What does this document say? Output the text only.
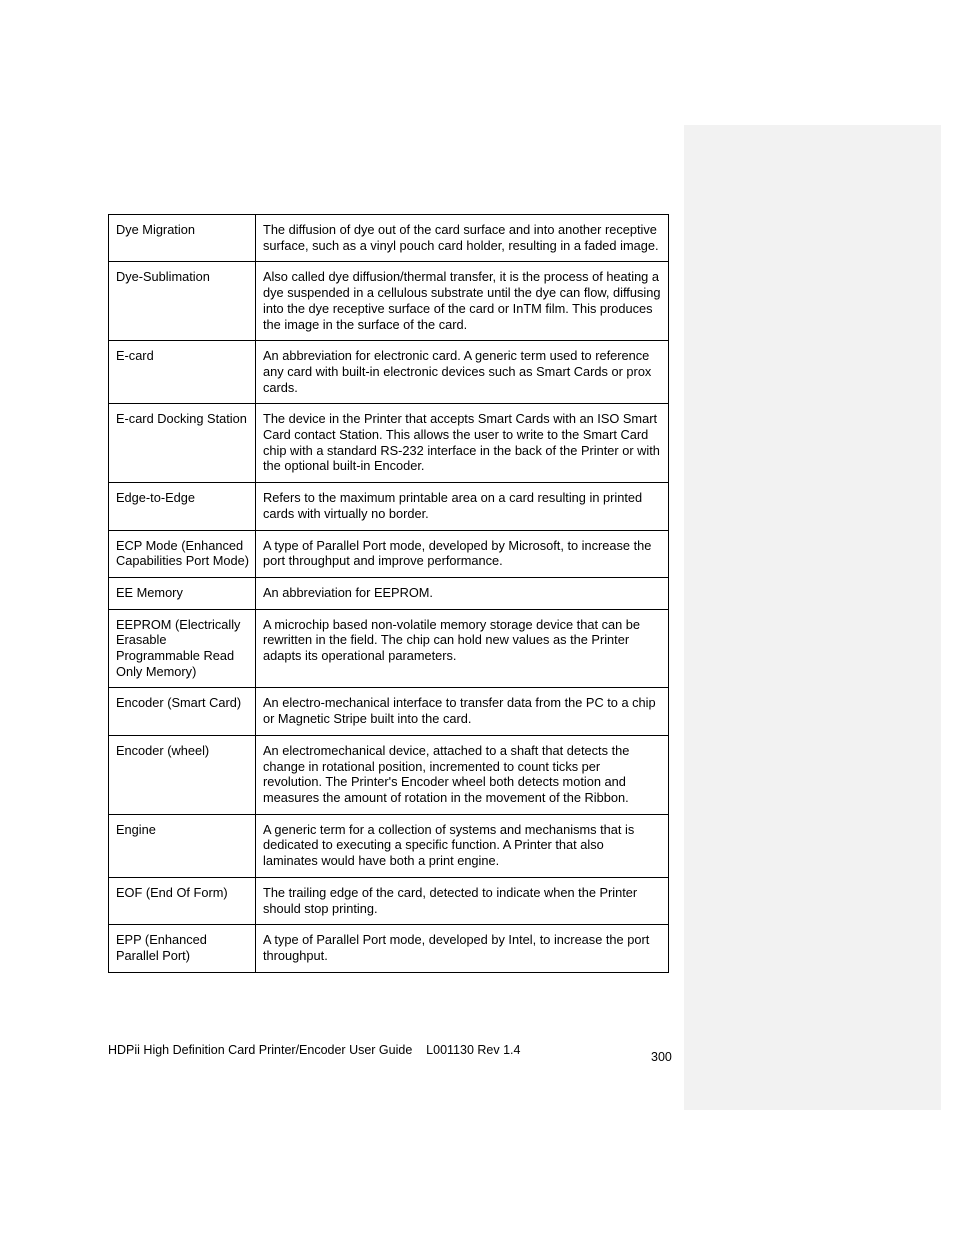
Dye Migration	The diffusion of dye out of the card surface and into another receptive surface, such as a vinyl pouch card holder, resulting in a faded image.
Dye-Sublimation	Also called dye diffusion/thermal transfer, it is the process of heating a dye suspended in a cellulous substrate until the dye can flow, diffusing into the dye receptive surface of the card or InTM film. This produces the image in the surface of the card.
E-card	An abbreviation for electronic card. A generic term used to reference any card with built-in electronic devices such as Smart Cards or prox cards.
E-card Docking Station	The device in the Printer that accepts Smart Cards with an ISO Smart Card contact Station. This allows the user to write to the Smart Card chip with a standard RS-232 interface in the back of the Printer or with the optional built-in Encoder.
Edge-to-Edge	Refers to the maximum printable area on a card resulting in printed cards with virtually no border.
ECP Mode (Enhanced Capabilities Port Mode)	A type of Parallel Port mode, developed by Microsoft, to increase the port throughput and improve performance.
EE Memory	An abbreviation for EEPROM.
EEPROM (Electrically Erasable Programmable Read Only Memory)	A microchip based non-volatile memory storage device that can be rewritten in the field. The chip can hold new values as the Printer adapts its operational parameters.
Encoder (Smart Card)	An electro-mechanical interface to transfer data from the PC to a chip or Magnetic Stripe built into the card.
Encoder (wheel)	An electromechanical device, attached to a shaft that detects the change in rotational position, incremented to count ticks per revolution. The Printer's Encoder wheel both detects motion and measures the amount of rotation in the movement of the Ribbon.
Engine	A generic term for a collection of systems and mechanisms that is dedicated to executing a specific function. A Printer that also laminates would have both a print engine.
EOF (End Of Form)	The trailing edge of the card, detected to indicate when the Printer should stop printing.
EPP (Enhanced Parallel Port)	A type of Parallel Port mode, developed by Intel, to increase the port throughput.
HDPii High Definition Card Printer/Encoder User Guide    L001130 Rev 1.4	300
